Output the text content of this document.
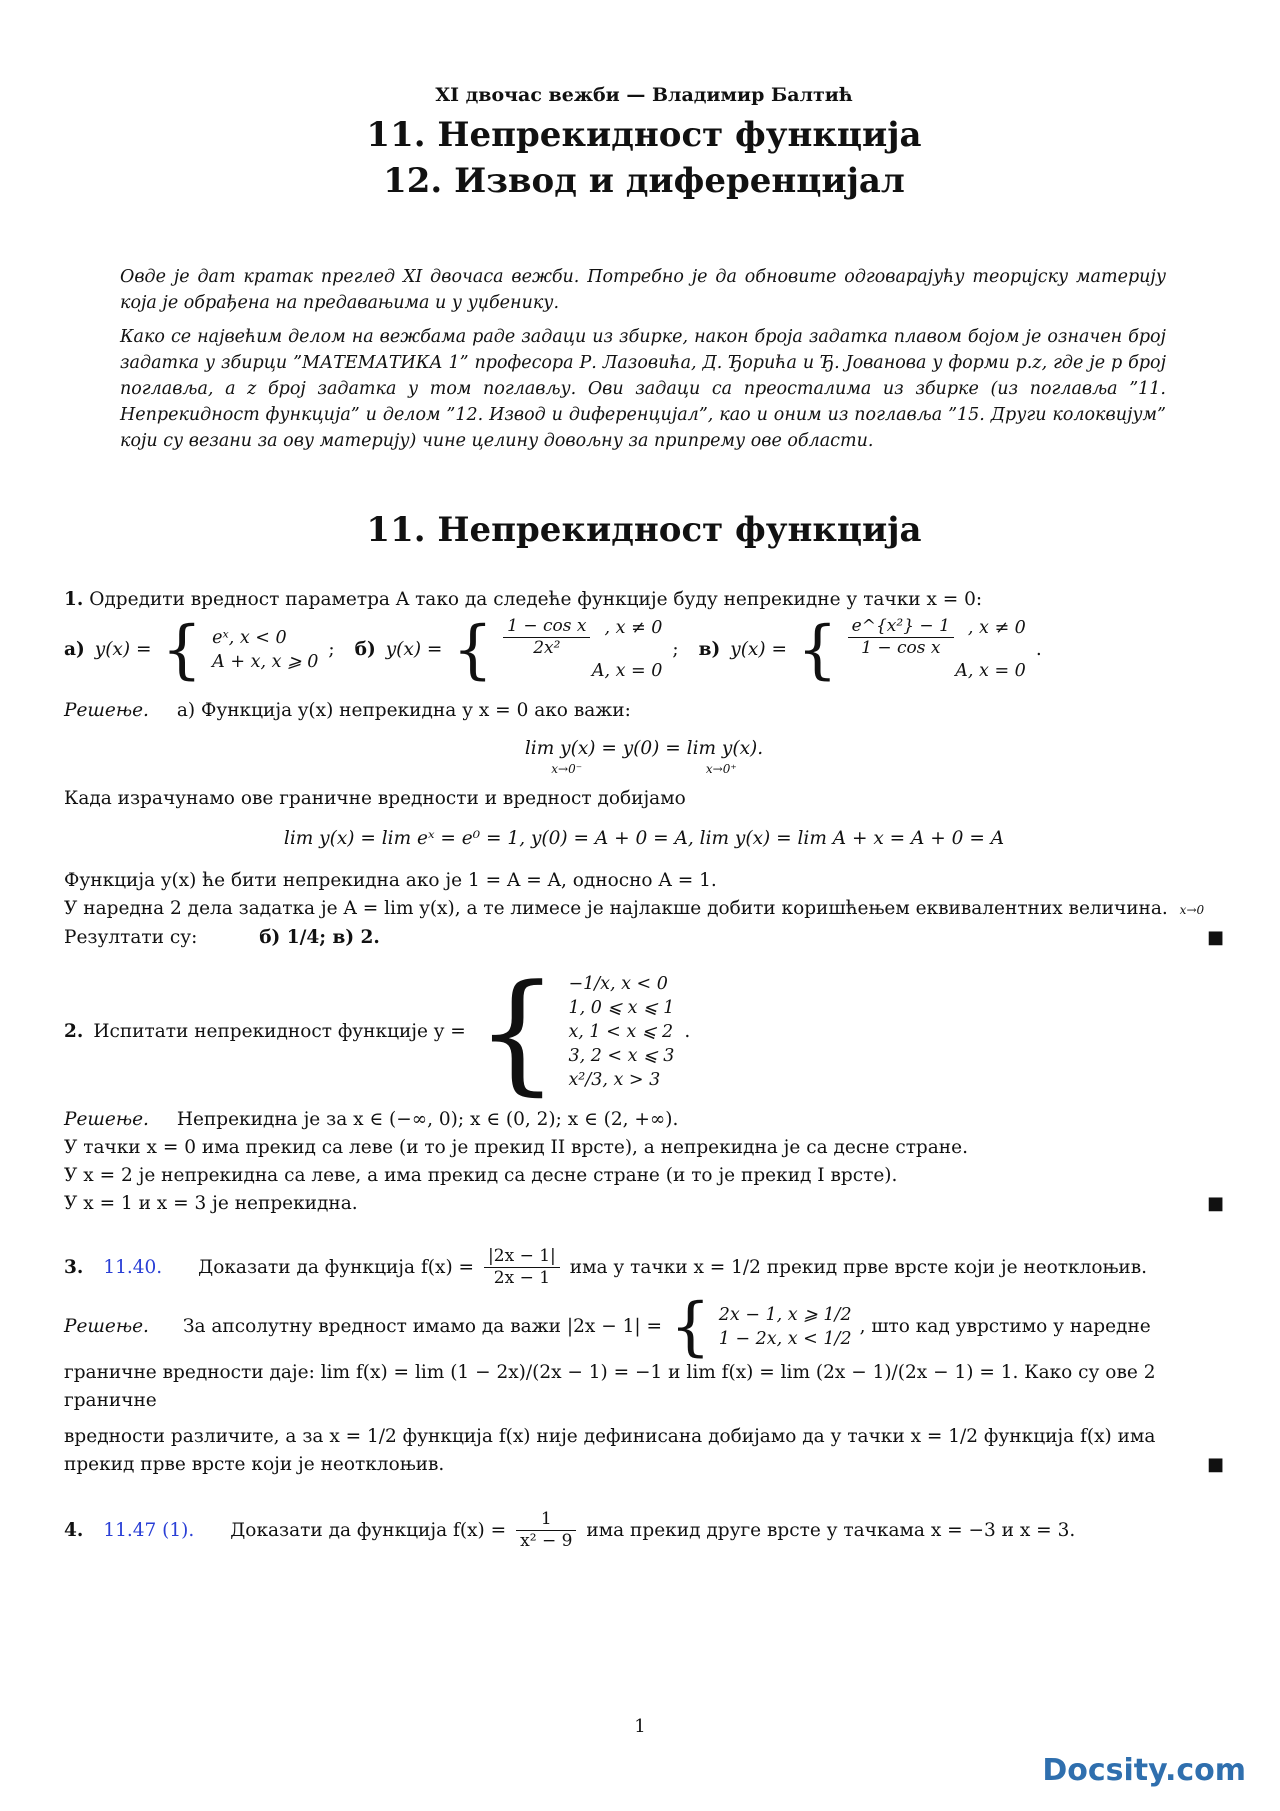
XI двочас вежби — Владимир Балтић
11. Непрекидност функција
12. Извод и диференцијал

Овде је дат кратак преглед XI двочаса вежби. Потребно је да обновите одговарајућу теоријску материју која је обрађена на предавањима и у уџбенику.

Како се највећим делом на вежбама раде задаци из збирке, након броја задатка плавом бојом је означен број задатка у збирци ”МАТЕМАТИКА 1” професора Р. Лазовића, Д. Ђорића и Ђ. Јованова у форми p.z, где је p број поглавља, а z број задатка у том поглављу. Ови задаци са преосталима из збирке (из поглавља ”11. Непрекидност функција” и делом ”12. Извод и диференцијал”, као и оним из поглавља ”15. Други колоквијум” који су везани за ову материју) чине целину довољну за припрему ове области.

11. Непрекидност функција
1. Одредити вредност параметра A тако да следеће функције буду непрекидне у тачки x = 0:
а) y(x) = { eˣ, x < 0
A + x, x ⩾ 0
; б) y(x) = { $\frac{\text{1 − cos x}}{\text{2x²}}$ , x ≠ 0
A, x = 0
; в) y(x) = { $\frac{\text{e\textasciicircum{}\{x²\} − 1}}{\text{1 − cos x}}$ , x ≠ 0
A, x = 0
.
Решење. а) Функција y(x) непрекидна у x = 0 ако важи:
lim y(x) = y(0) = lim y(x).
x→0⁻	x→0⁺
Када израчунамо ове граничне вредности и вредност добијамо
lim y(x) = lim eˣ = e⁰ = 1, y(0) = A + 0 = A, lim y(x) = lim A + x = A + 0 = A
Функција y(x) ће бити непрекидна ако је 1 = A = A, односно A = 1.
У наредна 2 дела задатка је A = lim y(x), а те лимесе је најлакше добити коришћењем еквивалентних величина. x→0
Резултати су:	б) 1/4; в) 2.	■
2. Испитати непрекидност функције y = { −1/x, x < 0
1, 0 ⩽ x ⩽ 1
x, 1 < x ⩽ 2
3, 2 < x ⩽ 3
x²/3, x > 3
.
Решење. Непрекидна је за x ∈ (−∞, 0); x ∈ (0, 2); x ∈ (2, +∞).
У тачки x = 0 има прекид са леве (и то је прекид II врсте), а непрекидна је са десне стране.
У x = 2 је непрекидна са леве, а има прекид са десне стране (и то је прекид I врсте).
У x = 1 и x = 3 је непрекидна.	■
3. 11.40. Доказати да функција $f(x) = \frac{|2x - 1|}{2x - 1}$ има у тачки x = 1/2 прекид прве врсте који је неотклоњив.
Решење. За апсолутну вредност имамо да важи |2x − 1| = { 2x − 1, x ⩾ 1/2
1 − 2x, x < 1/2
, што кад уврстимо у наредне
граничне вредности даје: lim f(x) = lim (1 − 2x)/(2x − 1) = −1 и lim f(x) = lim (2x − 1)/(2x − 1) = 1. Како су ове 2 граничне
вредности различите, а за x = 1/2 функција f(x) није дефинисана добијамо да у тачки x = 1/2 функција f(x) има прекид прве врсте који је неотклоњив.	■
4. 11.47 (1). Доказати да функција $f(x) = \frac{1}{\text{x² − 9}}$ има прекид друге врсте у тачкама x = −3 и x = 3.
1
Docsity.com
